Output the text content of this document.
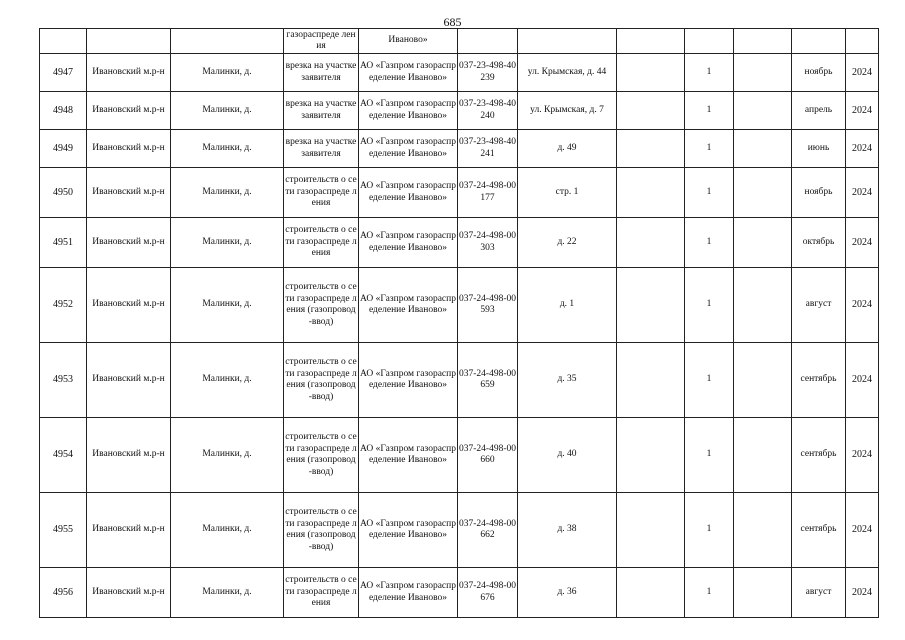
685
			газораспреде ления	Иваново»							
4947	Ивановский м.р-н	Малинки, д.	врезка на участке заявителя	АО «Газпром газораспределение Иваново»	037-23-498-40239	ул. Крымская, д. 44		1		ноябрь	2024
4948	Ивановский м.р-н	Малинки, д.	врезка на участке заявителя	АО «Газпром газораспределение Иваново»	037-23-498-40240	ул. Крымская, д. 7		1		апрель	2024
4949	Ивановский м.р-н	Малинки, д.	врезка на участке заявителя	АО «Газпром газораспределение Иваново»	037-23-498-40241	д. 49		1		июнь	2024
4950	Ивановский м.р-н	Малинки, д.	строительств о сети газораспреде ления	АО «Газпром газораспределение Иваново»	037-24-498-00177	стр. 1		1		ноябрь	2024
4951	Ивановский м.р-н	Малинки, д.	строительств о сети газораспреде ления	АО «Газпром газораспределение Иваново»	037-24-498-00303	д. 22		1		октябрь	2024
4952	Ивановский м.р-н	Малинки, д.	строительств о сети газораспреде ления (газопровод-ввод)	АО «Газпром газораспределение Иваново»	037-24-498-00593	д. 1		1		август	2024
4953	Ивановский м.р-н	Малинки, д.	строительств о сети газораспреде ления (газопровод-ввод)	АО «Газпром газораспределение Иваново»	037-24-498-00659	д. 35		1		сентябрь	2024
4954	Ивановский м.р-н	Малинки, д.	строительств о сети газораспреде ления (газопровод-ввод)	АО «Газпром газораспределение Иваново»	037-24-498-00660	д. 40		1		сентябрь	2024
4955	Ивановский м.р-н	Малинки, д.	строительств о сети газораспреде ления (газопровод-ввод)	АО «Газпром газораспределение Иваново»	037-24-498-00662	д. 38		1		сентябрь	2024
4956	Ивановский м.р-н	Малинки, д.	строительств о сети газораспреде ления	АО «Газпром газораспределение Иваново»	037-24-498-00676	д. 36		1		август	2024
